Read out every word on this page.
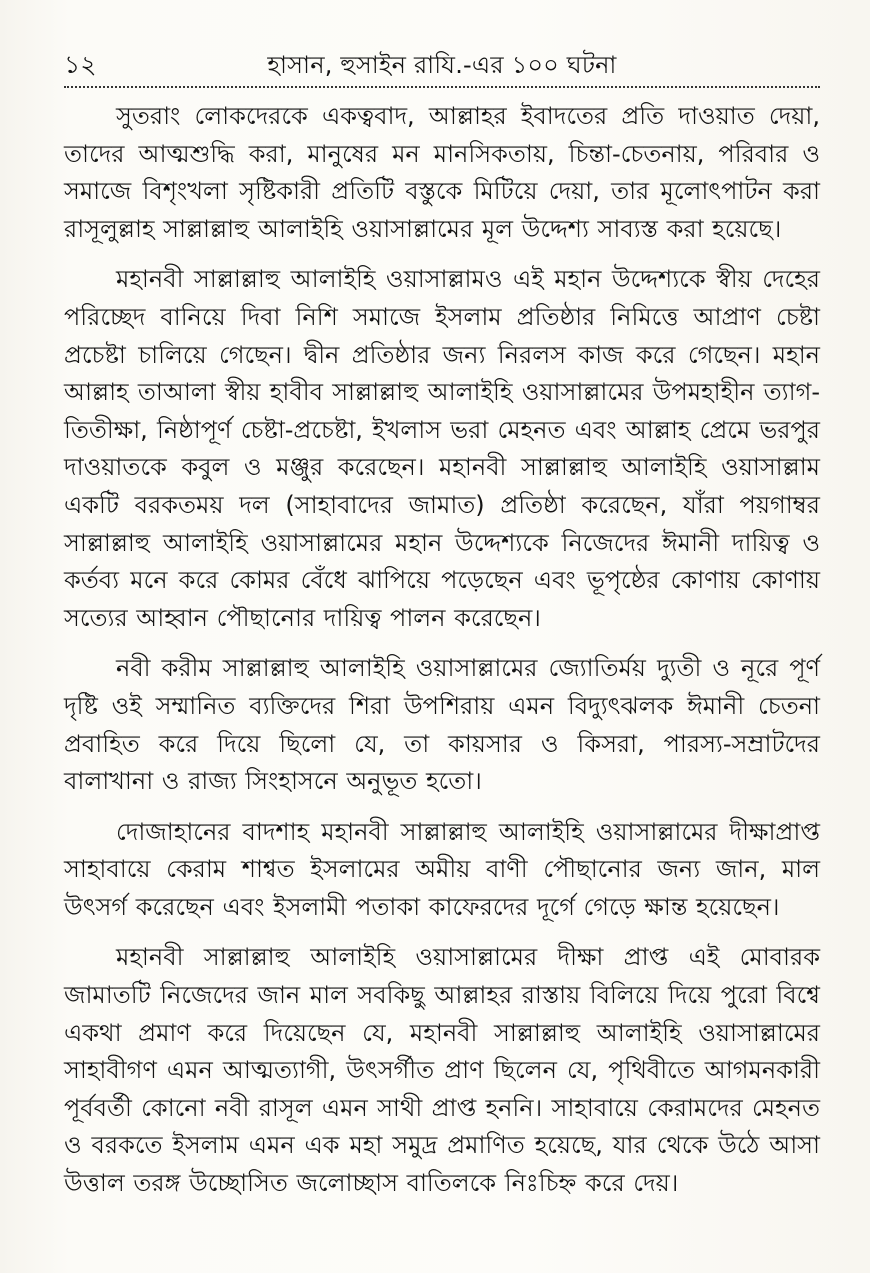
১২	হাসান, হুসাইন রাযি.-এর ১০০ ঘটনা

সুতরাং লোকদেরকে একত্ববাদ, আল্লাহর ইবাদতের প্রতি দাওয়াত দেয়া, তাদের আত্মশুদ্ধি করা, মানুষের মন মানসিকতায়, চিন্তা-চেতনায়, পরিবার ও সমাজে বিশৃংখলা সৃষ্টিকারী প্রতিটি বস্তুকে মিটিয়ে দেয়া, তার মূলোৎপাটন করা রাসূলুল্লাহ সাল্লাল্লাহু আলাইহি ওয়াসাল্লামের মূল উদ্দেশ্য সাব্যস্ত করা হয়েছে।

মহানবী সাল্লাল্লাহু আলাইহি ওয়াসাল্লামও এই মহান উদ্দেশ্যকে স্বীয় দেহের পরিচ্ছেদ বানিয়ে দিবা নিশি সমাজে ইসলাম প্রতিষ্ঠার নিমিত্তে আপ্রাণ চেষ্টা প্রচেষ্টা চালিয়ে গেছেন। দ্বীন প্রতিষ্ঠার জন্য নিরলস কাজ করে গেছেন। মহান আল্লাহ তাআলা স্বীয় হাবীব সাল্লাল্লাহু আলাইহি ওয়াসাল্লামের উপমহাহীন ত্যাগ-তিতীক্ষা, নিষ্ঠাপূর্ণ চেষ্টা-প্রচেষ্টা, ইখলাস ভরা মেহনত এবং আল্লাহ প্রেমে ভরপুর দাওয়াতকে কবুল ও মঞ্জুর করেছেন। মহানবী সাল্লাল্লাহু আলাইহি ওয়াসাল্লাম একটি বরকতময় দল (সাহাবাদের জামাত) প্রতিষ্ঠা করেছেন, যাঁরা পয়গাম্বর সাল্লাল্লাহু আলাইহি ওয়াসাল্লামের মহান উদ্দেশ্যকে নিজেদের ঈমানী দায়িত্ব ও কর্তব্য মনে করে কোমর বেঁধে ঝাপিয়ে পড়েছেন এবং ভূপৃষ্ঠের কোণায় কোণায় সত্যের আহ্বান পৌছানোর দায়িত্ব পালন করেছেন।

নবী করীম সাল্লাল্লাহু আলাইহি ওয়াসাল্লামের জ্যোতির্ময় দ্যুতী ও নূরে পূর্ণ দৃষ্টি ওই সম্মানিত ব্যক্তিদের শিরা উপশিরায় এমন বিদ্যুৎঝলক ঈমানী চেতনা প্রবাহিত করে দিয়ে ছিলো যে, তা কায়সার ও কিসরা, পারস্য-সম্রাটদের বালাখানা ও রাজ্য সিংহাসনে অনুভূত হতো।

দোজাহানের বাদশাহ মহানবী সাল্লাল্লাহু আলাইহি ওয়াসাল্লামের দীক্ষাপ্রাপ্ত সাহাবায়ে কেরাম শাশ্বত ইসলামের অমীয় বাণী পৌছানোর জন্য জান, মাল উৎসর্গ করেছেন এবং ইসলামী পতাকা কাফেরদের দূর্গে গেড়ে ক্ষান্ত হয়েছেন।

মহানবী সাল্লাল্লাহু আলাইহি ওয়াসাল্লামের দীক্ষা প্রাপ্ত এই মোবারক জামাতটি নিজেদের জান মাল সবকিছু আল্লাহর রাস্তায় বিলিয়ে দিয়ে পুরো বিশ্বে একথা প্রমাণ করে দিয়েছেন যে, মহানবী সাল্লাল্লাহু আলাইহি ওয়াসাল্লামের সাহাবীগণ এমন আত্মত্যাগী, উৎসর্গীত প্রাণ ছিলেন যে, পৃথিবীতে আগমনকারী পূর্ববর্তী কোনো নবী রাসূল এমন সাথী প্রাপ্ত হননি। সাহাবায়ে কেরামদের মেহনত ও বরকতে ইসলাম এমন এক মহা সমুদ্র প্রমাণিত হয়েছে, যার থেকে উঠে আসা উত্তাল তরঙ্গ উচ্ছোসিত জলোচ্ছাস বাতিলকে নিঃচিহ্ন করে দেয়।
